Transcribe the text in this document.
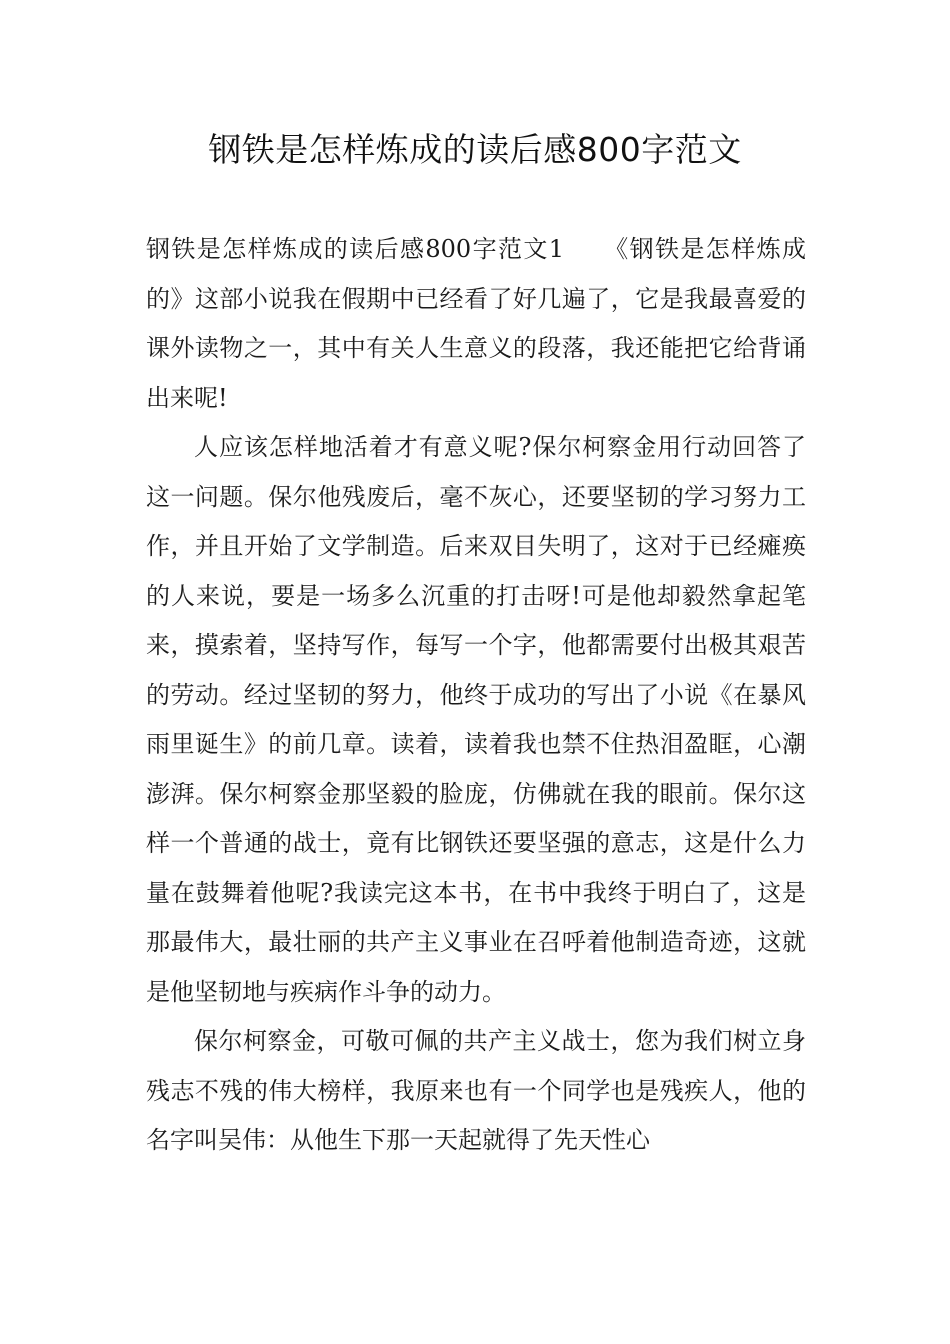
钢铁是怎样炼成的读后感800字范文

钢铁是怎样炼成的读后感800字范文1　　《钢铁是怎样炼成的》这部小说我在假期中已经看了好几遍了，它是我最喜爱的课外读物之一，其中有关人生意义的段落，我还能把它给背诵出来呢!

人应该怎样地活着才有意义呢?保尔柯察金用行动回答了这一问题。保尔他残废后，毫不灰心，还要坚韧的学习努力工作，并且开始了文学制造。后来双目失明了，这对于已经瘫痪的人来说，要是一场多么沉重的打击呀!可是他却毅然拿起笔来，摸索着，坚持写作，每写一个字，他都需要付出极其艰苦的劳动。经过坚韧的努力，他终于成功的写出了小说《在暴风雨里诞生》的前几章。读着，读着我也禁不住热泪盈眶，心潮澎湃。保尔柯察金那坚毅的脸庞，仿佛就在我的眼前。保尔这样一个普通的战士，竟有比钢铁还要坚强的意志，这是什么力量在鼓舞着他呢?我读完这本书，在书中我终于明白了，这是那最伟大，最壮丽的共产主义事业在召呼着他制造奇迹，这就是他坚韧地与疾病作斗争的动力。

保尔柯察金，可敬可佩的共产主义战士，您为我们树立身残志不残的伟大榜样，我原来也有一个同学也是残疾人，他的名字叫吴伟：从他生下那一天起就得了先天性心
